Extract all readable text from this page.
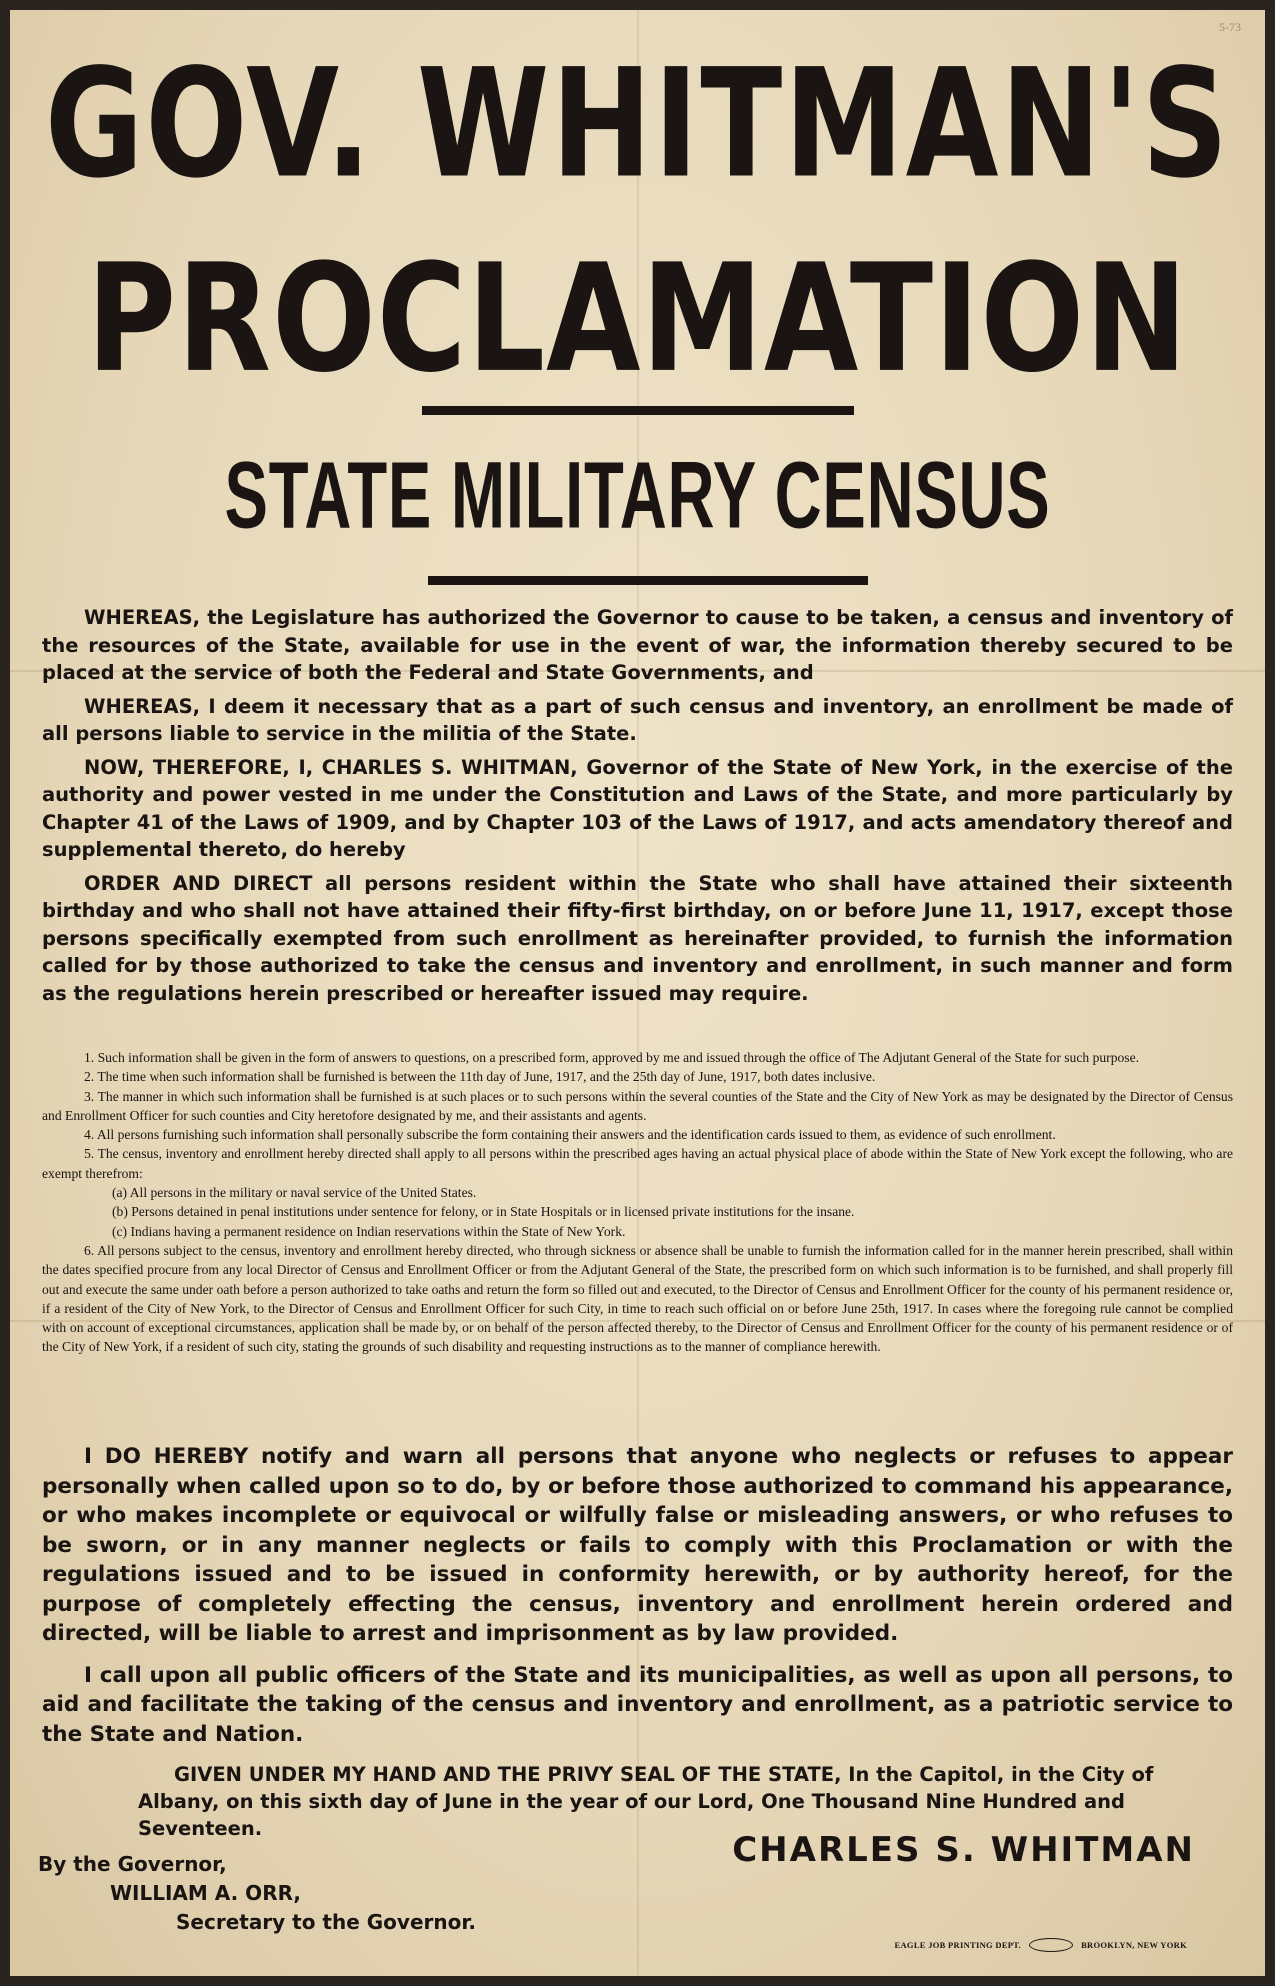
5-73
GOV. WHITMAN'S
PROCLAMATION
STATE MILITARY CENSUS

WHEREAS, the Legislature has authorized the Governor to cause to be taken, a census and inventory of the resources of the State, available for use in the event of war, the information thereby secured to be placed at the service of both the Federal and State Governments, and

WHEREAS, I deem it necessary that as a part of such census and inventory, an enrollment be made of all persons liable to service in the militia of the State.

NOW, THEREFORE, I, CHARLES S. WHITMAN, Governor of the State of New York, in the exercise of the authority and power vested in me under the Constitution and Laws of the State, and more particularly by Chapter 41 of the Laws of 1909, and by Chapter 103 of the Laws of 1917, and acts amendatory thereof and supplemental thereto, do hereby

ORDER AND DIRECT all persons resident within the State who shall have attained their sixteenth birthday and who shall not have attained their fifty-first birthday, on or before June 11, 1917, except those persons specifically exempted from such enrollment as hereinafter provided, to furnish the information called for by those authorized to take the census and inventory and enrollment, in such manner and form as the regulations herein prescribed or hereafter issued may require.

1. Such information shall be given in the form of answers to questions, on a prescribed form, approved by me and issued through the office of The Adjutant General of the State for such purpose.

2. The time when such information shall be furnished is between the 11th day of June, 1917, and the 25th day of June, 1917, both dates inclusive.

3. The manner in which such information shall be furnished is at such places or to such persons within the several counties of the State and the City of New York as may be designated by the Director of Census and Enrollment Officer for such counties and City heretofore designated by me, and their assistants and agents.

4. All persons furnishing such information shall personally subscribe the form containing their answers and the identification cards issued to them, as evidence of such enrollment.

5. The census, inventory and enrollment hereby directed shall apply to all persons within the prescribed ages having an actual physical place of abode within the State of New York except the following, who are exempt therefrom:

(a) All persons in the military or naval service of the United States.

(b) Persons detained in penal institutions under sentence for felony, or in State Hospitals or in licensed private institutions for the insane.

(c) Indians having a permanent residence on Indian reservations within the State of New York.

6. All persons subject to the census, inventory and enrollment hereby directed, who through sickness or absence shall be unable to furnish the information called for in the manner herein prescribed, shall within the dates specified procure from any local Director of Census and Enrollment Officer or from the Adjutant General of the State, the prescribed form on which such information is to be furnished, and shall properly fill out and execute the same under oath before a person authorized to take oaths and return the form so filled out and executed, to the Director of Census and Enrollment Officer for the county of his permanent residence or, if a resident of the City of New York, to the Director of Census and Enrollment Officer for such City, in time to reach such official on or before June 25th, 1917. In cases where the foregoing rule cannot be complied with on account of exceptional circumstances, application shall be made by, or on behalf of the person affected thereby, to the Director of Census and Enrollment Officer for the county of his permanent residence or of the City of New York, if a resident of such city, stating the grounds of such disability and requesting instructions as to the manner of compliance herewith.

I DO HEREBY notify and warn all persons that anyone who neglects or refuses to appear personally when called upon so to do, by or before those authorized to command his appearance, or who makes incomplete or equivocal or wilfully false or misleading answers, or who refuses to be sworn, or in any manner neglects or fails to comply with this Proclamation or with the regulations issued and to be issued in conformity herewith, or by authority hereof, for the purpose of completely effecting the census, inventory and enrollment herein ordered and directed, will be liable to arrest and imprisonment as by law provided.

I call upon all public officers of the State and its municipalities, as well as upon all persons, to aid and facilitate the taking of the census and inventory and enrollment, as a patriotic service to the State and Nation.

GIVEN UNDER MY HAND AND THE PRIVY SEAL OF THE STATE, In the Capitol, in the City of Albany, on this sixth day of June in the year of our Lord, One Thousand Nine Hundred and Seventeen.

CHARLES S. WHITMAN
By the Governor,
WILLIAM A. ORR,
Secretary to the Governor.
EAGLE JOB PRINTING DEPT.	BROOKLYN, NEW YORK
